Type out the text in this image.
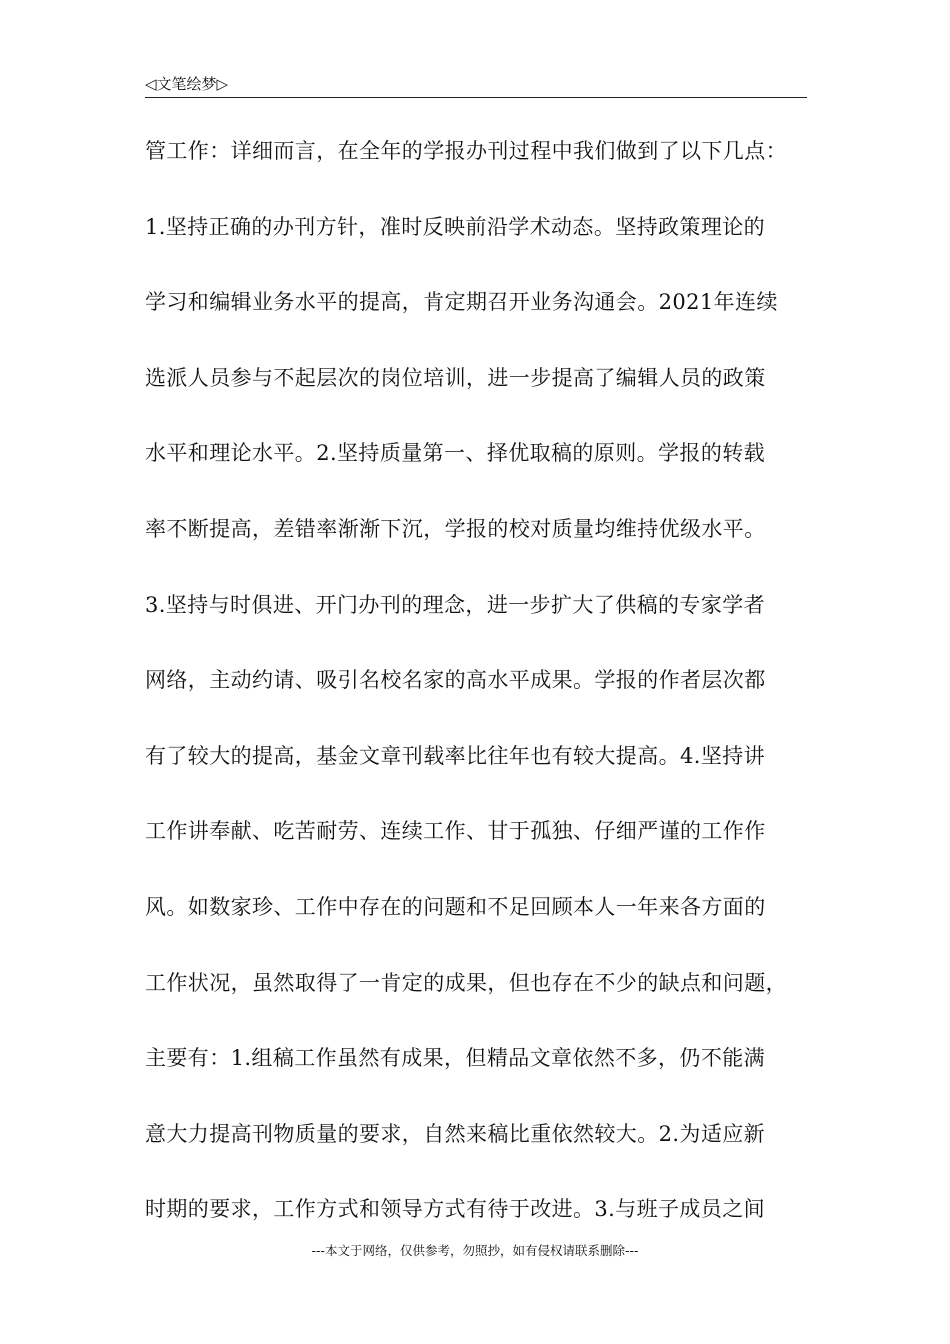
◁文笔绘梦▷
管工作：详细而言，在全年的学报办刊过程中我们做到了以下几点：
1.坚持正确的办刊方针，准时反映前沿学术动态。坚持政策理论的
学习和编辑业务水平的提高，肯定期召开业务沟通会。2021年连续
选派人员参与不起层次的岗位培训，进一步提高了编辑人员的政策
水平和理论水平。2.坚持质量第一、择优取稿的原则。学报的转载
率不断提高，差错率渐渐下沉，学报的校对质量均维持优级水平。
3.坚持与时俱进、开门办刊的理念，进一步扩大了供稿的专家学者
网络，主动约请、吸引名校名家的高水平成果。学报的作者层次都
有了较大的提高，基金文章刊载率比往年也有较大提高。4.坚持讲
工作讲奉献、吃苦耐劳、连续工作、甘于孤独、仔细严谨的工作作
风。如数家珍、工作中存在的问题和不足回顾本人一年来各方面的
工作状况，虽然取得了一肯定的成果，但也存在不少的缺点和问题，
主要有：1.组稿工作虽然有成果，但精品文章依然不多，仍不能满
意大力提高刊物质量的要求，自然来稿比重依然较大。2.为适应新
时期的要求，工作方式和领导方式有待于改进。3.与班子成员之间
---本文于网络，仅供参考，勿照抄，如有侵权请联系删除---
